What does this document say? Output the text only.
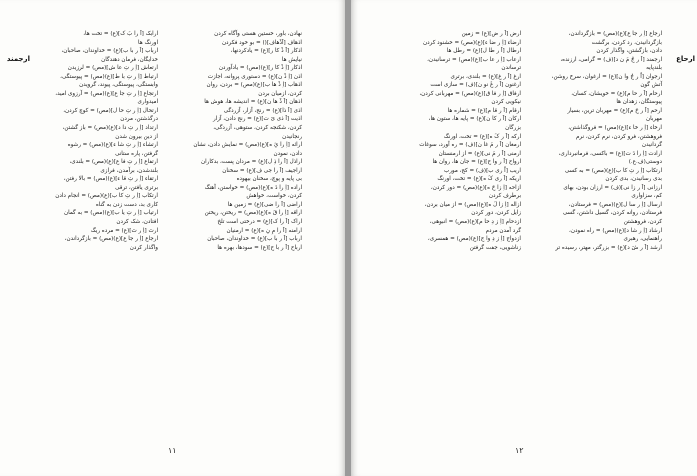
ارجمند

نهادن، باور، خستین هستی وآگاه کردن

اذهاف [اَذْهاف]() = بو خود فکردن

اذکار [اَ ذْ کا ر](ع) = یادکردنها،

نیایش ها

اذکار [اِ ذْ کا ر](ع)(مص) = یادآوردن

اذن [اِ ذْ ن](ع) = دستوری پروانه، اجازت

اذهاب [اِ ذْ ها ب](ع)(مص) = بردن، روان

کردن، ازمیان بردن

اذهان [اَ ذْ ها ن](ع) = اندیشه ها، هوش ها

اذی [اَ ذا](ع) = رنج، آزار، آزردگی

اذیت [اَ ذی یَ ت](ع) = رنج دادن، آزار

کردن، شکنجه کردن، ستوهی، آزردگی،

رنجانیدن

ارائه [اِ را ئِ ه](ع)(مص) = نمایش دادن، نشان

دادن، نمودن

اراذل [اَ را ذِ ل](ع) = مردان پست، بدکاران

اراجیف [اَ را جی ف](ع) = سخنان

بی پایه و پوچ، سخنان بیهوده

اراده [اِ را دَ ه](ع)(مص) = خواستن، آهنگ

کردن، خواست، خواهش

اراضی [اَ را ضی](ع) = زمین ها

اراقه [اِ را قَ ه](ع)(مص) = ریختن، ریختن

اراک [اَ را ک](ع) = درختی است تلخ

ارامنه [اَ را مِ نِ ه](ع) = ارمنیان

ارباب [اَ ر با ب](ع) = خداوندان، صاحبان

ارباح [اَ ر با ح](ع) = سودها، بهره ها

ارابک [اَ را بَ ک](ع) = تخت ها،

اورنگ ها

ارباب [اَ ر با ب](ع) = خداوندان، صاحبان،

خدایگان، فرمان دهندگان

ارتعاش [اِ ر تِ عا ش](مص) = لرزیدن

ارتباط [اِ ر تِ با ط](ع)(مص) = پیوستگی،

وابستگی، پیوستگی، پیوند، گرویدن

ارتجاع [اِ ر تِ جا ع](ع)(مص) = آرزوی امید،

امیدواری

ارتحال [اِ ر تِ حا ل](مص) = کوچ کردن،

درگذشتن، مردن

ارتداد [اِ ر تِ دا د](ع)(مص) = باز گشتن،

از دین بیرون شدن

ارتشاء [اِ ر تِ شا ء](ع)(مص) = رشوه

گرفتن، پاره ستانی

ارتفاع [اِ ر تِ فا ع](ع)(مص) = بلندی،

بلندشدن، برآمدن، فرازی

ارتقاء [اِ ر تِ قا ء](ع)(مص) = بالا رفتن،

برتری یافتن، ترقی

ارتکاب [اِ ر تِ کا ب](ع)(مص) = انجام دادن

کاری بد، دست زدن به گناه

ارتیاب [اِ ر تِ یا ب](ع)(مص) = به گمان

افتادن، شک کردن

ارث [اِ ر ث](ع) = مرده ریگ

ارجاع [اِ ر جا ع](ع)(مص) = بازگرداندن،

واگذار کردن

۱۱
ارحاع

ارجاع [اِ ر جا ع](ع)(مص) = بازگرداندن،

بازگردانیدن، رد کردن، برگشت

دادن، بازگشتن، واگذار کردن

ارجمند [اَ ر جُ مَ ن د](ف) = گرامی، ارزنده،

بلندپایه

ارجوان [اُ ر جُ وا ن](ع) = ارغوان، سرخ روشن،

آتش گون

ارحام [اَ ر حا م](ع) = خویشان، کسان،

پیوستگان، زهدان ها

ارحم [اَ ر حَ م](ع) = مهربان ترین، بسیار

مهربان

ارخاء [اِ ر خا ء](ع)(مص) = فروگذاشتن،

فروهشتن، فرو کردن، نرم کردن، نرم

گردانیدن

ارادت [اِ را دَ ت](ع) = باکسی، فرمانبرداری،

دوستی(ف.ع.)

ارتکاب [اِ ر تِ کا ب](ع)(مص) = به کسی

بدی رسانیدن، بدی کردن

ارزانی [اَ ر زا نی](ف) = ارزان بودن، بهای

کم، سزاواری

ارسال [اِ ر سا ل](ع)(مص) = فرستادن،

فرستادن، روانه کردن، گسیل داشتن، گسی

کردن، فروهشتن

ارشاد [اِ ر شا د](ع)(مص) = راه نمودن،

راهنمایی، رهبری

ارشد [اَ ر شَ د](ع) = بزرگتر، مهتر، رسیده تر

ارض [اَ ر ض](ع) = زمین

ارضاء [اِ ر ضا ء](ع)(مص) = خشنود کردن

ارطال [اَ ر طا ل](ع) = رطل ها

ارعاب [اِ ر عا ب](ع)(مص) = ترسانیدن،

ترساندن

ارغ [اَ ر غ](ع) = بلندی، برتری

ارغنون [اَ ر غَ نو ن](ف) = سازی است

ارفاق [اِ ر فا ق](ع)(مص) = مهربانی کردن،

نیکویی کردن

ارقام [اَ ر قا م](ع) = شماره ها

ارکان [اَ ر کا ن](ع) = پایه ها، ستون ها،

بزرگان

ارکه [اَ ر کَ ه](ع) = تخت، اورنگ

ارمغان [اَ ر مَ غا ن](ف) = ره آورد، سوغات

ارمنی [اَ ر مَ نی](ع) = از ارمنستان

ارواح [اَ ر وا ح](ع) = جان ها، روان ها

اریب [اُ ری ب](ف) = کج، مورب

اریکه [اَ ری کَ ه](ع) = تخت، اورنگ

ازاحه [اِ زا حَ ه](ع)(مص) = دور کردن،

برطرف کردن

ازاله [اِ زا لَ ه](ع)(مص) = از میان بردن،

زایل کردن، دور کردن

ازدحام [اِ ز دِ حا م](ع)(مص) = انبوهی،

گرد آمدن مردم

ازدواج [اِ ز دِ وا ج](ع)(مص) = همسری،

زناشویی، جفت گرفتن

۱۲
